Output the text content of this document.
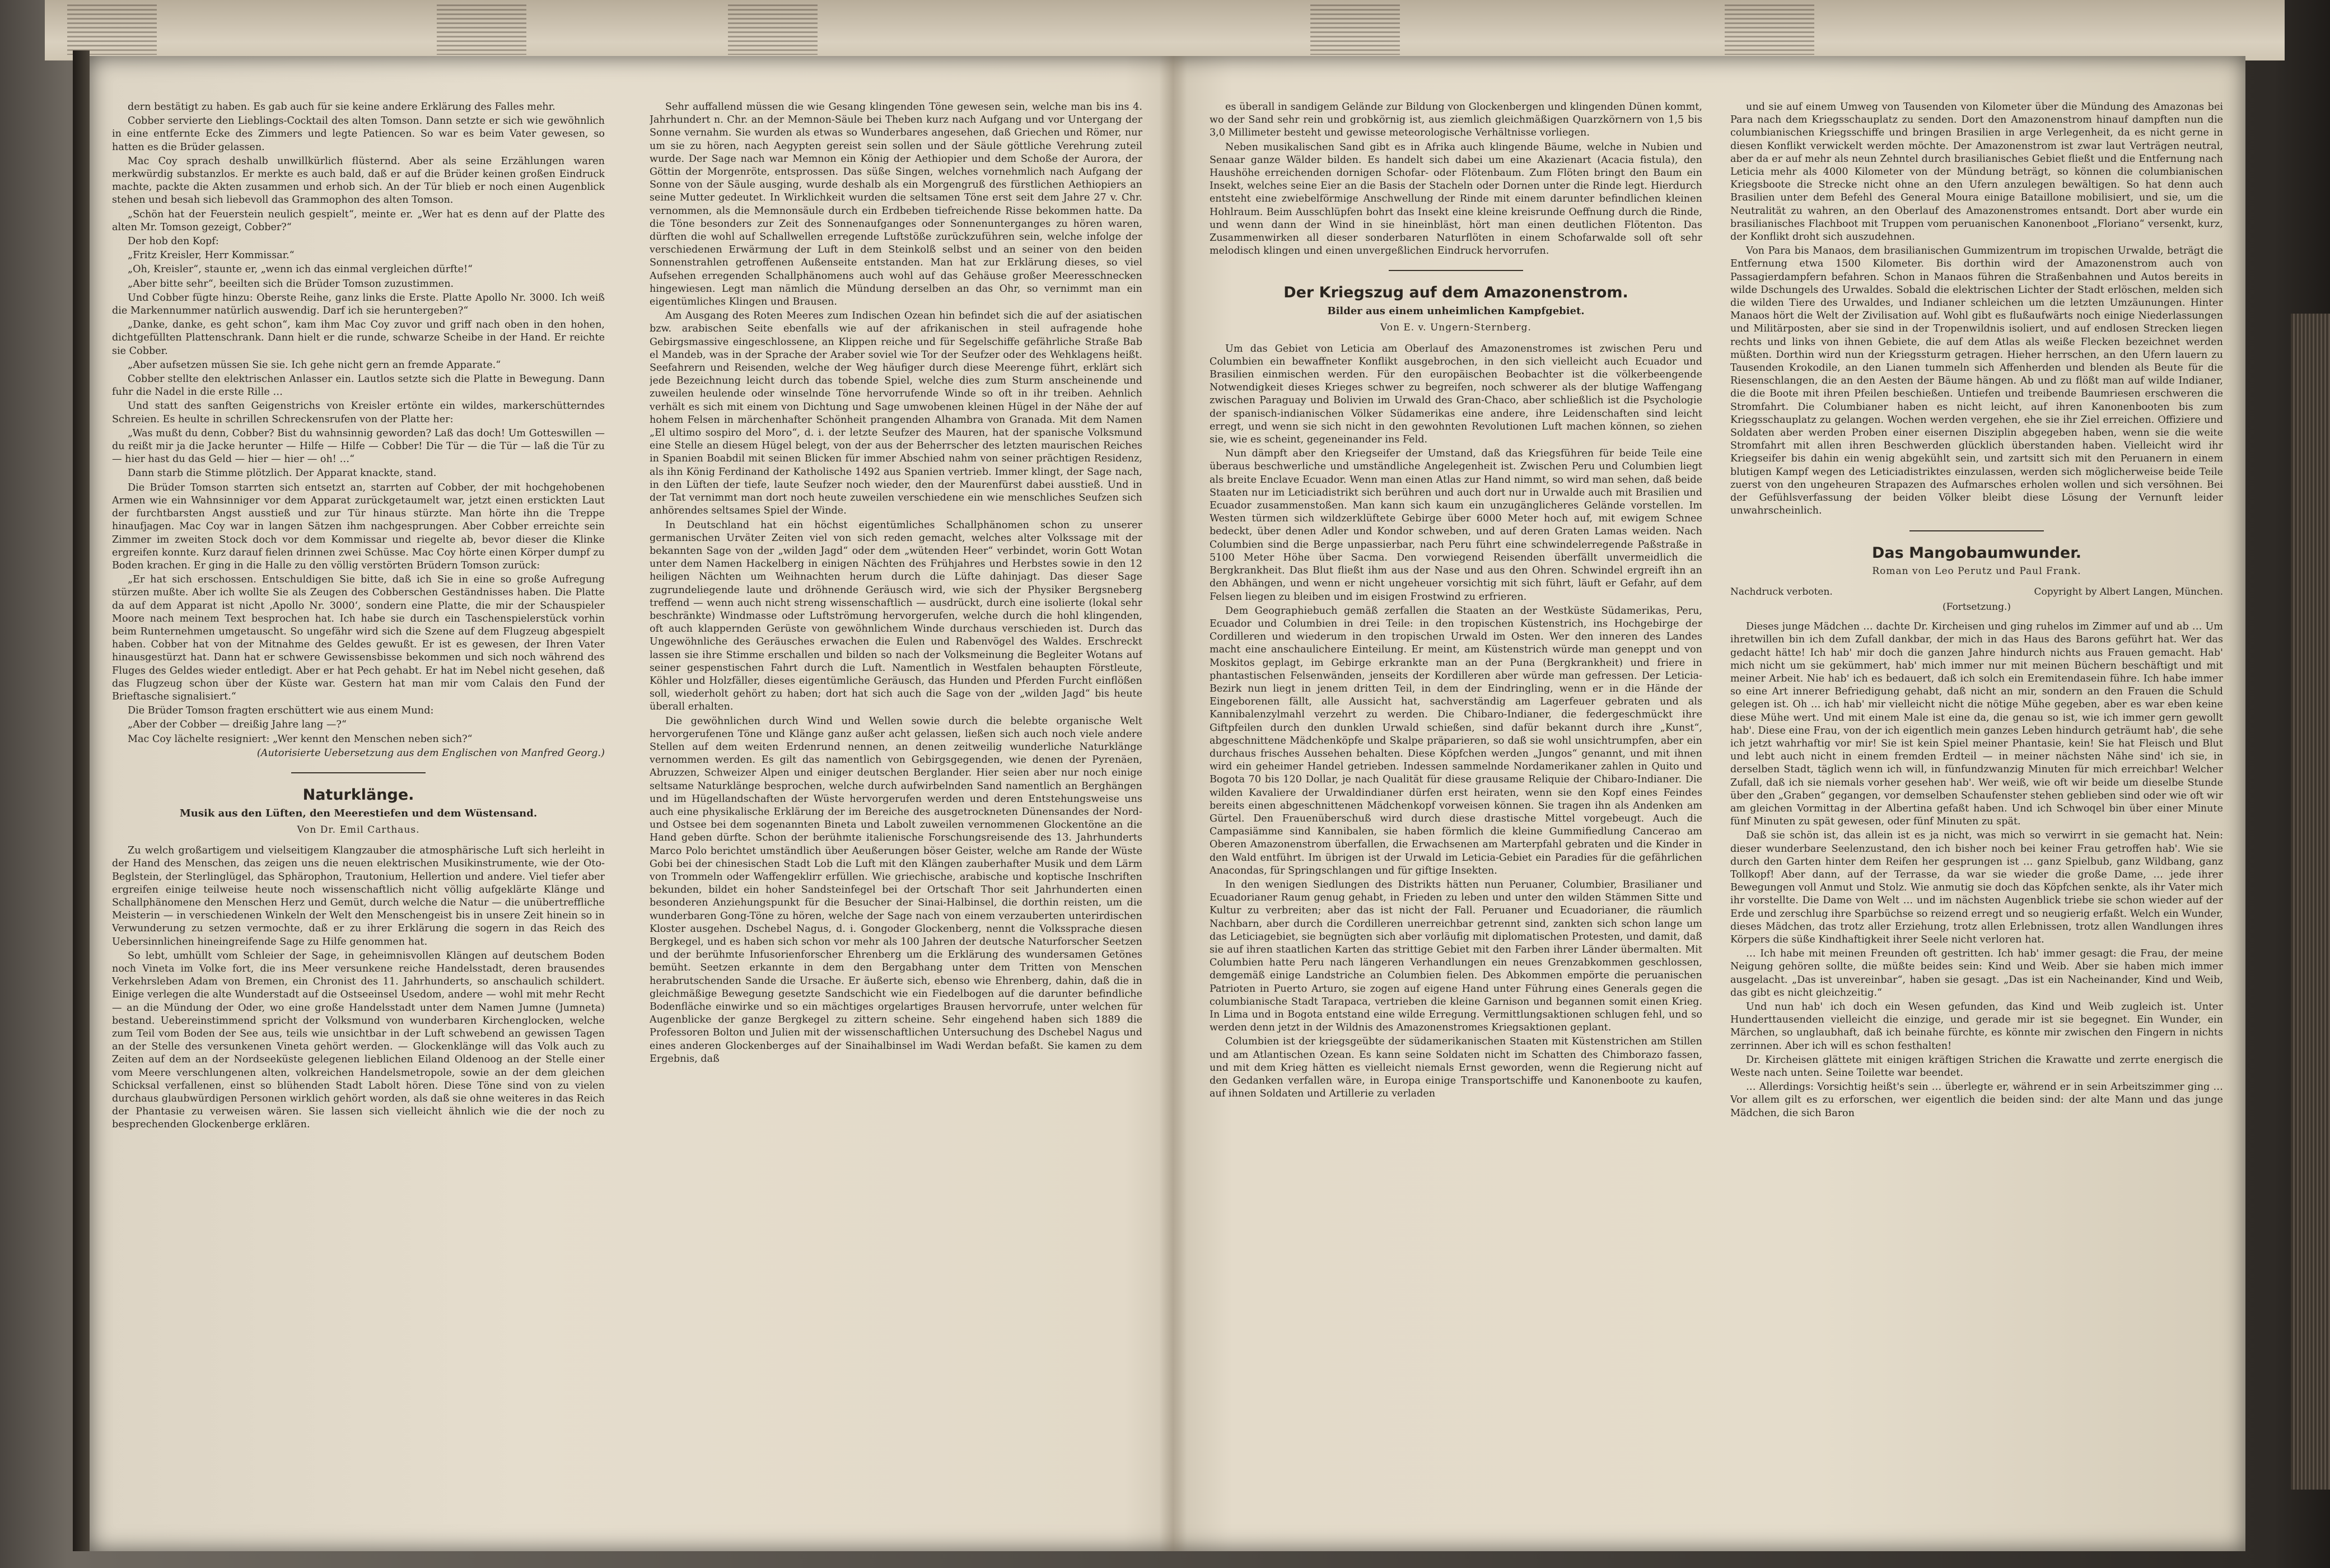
dern bestätigt zu haben. Es gab auch für sie keine andere Erklärung des Falles mehr.

Cobber servierte den Lieblings-Cocktail des alten Tomson. Dann setzte er sich wie gewöhnlich in eine entfernte Ecke des Zimmers und legte Patiencen. So war es beim Vater gewesen, so hatten es die Brüder gelassen.

Mac Coy sprach deshalb unwillkürlich flüsternd. Aber als seine Erzählungen waren merkwürdig substanzlos. Er merkte es auch bald, daß er auf die Brüder keinen großen Eindruck machte, packte die Akten zusammen und erhob sich. An der Tür blieb er noch einen Augenblick stehen und besah sich liebevoll das Grammophon des alten Tomson.

„Schön hat der Feuerstein neulich gespielt“, meinte er. „Wer hat es denn auf der Platte des alten Mr. Tomson gezeigt, Cobber?“

Der hob den Kopf:

„Fritz Kreisler, Herr Kommissar.“

„Oh, Kreisler“, staunte er, „wenn ich das einmal vergleichen dürfte!“

„Aber bitte sehr“, beeilten sich die Brüder Tomson zuzustimmen.

Und Cobber fügte hinzu: Oberste Reihe, ganz links die Erste. Platte Apollo Nr. 3000. Ich weiß die Markennummer natürlich auswendig. Darf ich sie heruntergeben?“

„Danke, danke, es geht schon“, kam ihm Mac Coy zuvor und griff nach oben in den hohen, dichtgefüllten Plattenschrank. Dann hielt er die runde, schwarze Scheibe in der Hand. Er reichte sie Cobber.

„Aber aufsetzen müssen Sie sie. Ich gehe nicht gern an fremde Apparate.“

Cobber stellte den elektrischen Anlasser ein. Lautlos setzte sich die Platte in Bewegung. Dann fuhr die Nadel in die erste Rille …

Und statt des sanften Geigenstrichs von Kreisler ertönte ein wildes, markerschütterndes Schreien. Es heulte in schrillen Schreckensrufen von der Platte her:

„Was mußt du denn, Cobber? Bist du wahnsinnig geworden? Laß das doch! Um Gotteswillen — du reißt mir ja die Jacke herunter — Hilfe — Hilfe — Cobber! Die Tür — die Tür — laß die Tür zu — hier hast du das Geld — hier — hier — oh! …“

Dann starb die Stimme plötzlich. Der Apparat knackte, stand.

Die Brüder Tomson starrten sich entsetzt an, starrten auf Cobber, der mit hochgehobenen Armen wie ein Wahnsinniger vor dem Apparat zurückgetaumelt war, jetzt einen erstickten Laut der furchtbarsten Angst ausstieß und zur Tür hinaus stürzte. Man hörte ihn die Treppe hinaufjagen. Mac Coy war in langen Sätzen ihm nachgesprungen. Aber Cobber erreichte sein Zimmer im zweiten Stock doch vor dem Kommissar und riegelte ab, bevor dieser die Klinke ergreifen konnte. Kurz darauf fielen drinnen zwei Schüsse. Mac Coy hörte einen Körper dumpf zu Boden krachen. Er ging in die Halle zu den völlig verstörten Brüdern Tomson zurück:

„Er hat sich erschossen. Entschuldigen Sie bitte, daß ich Sie in eine so große Aufregung stürzen mußte. Aber ich wollte Sie als Zeugen des Cobberschen Geständnisses haben. Die Platte da auf dem Apparat ist nicht ‚Apollo Nr. 3000‘, sondern eine Platte, die mir der Schauspieler Moore nach meinem Text besprochen hat. Ich habe sie durch ein Taschenspielerstück vorhin beim Runternehmen umgetauscht. So ungefähr wird sich die Szene auf dem Flugzeug abgespielt haben. Cobber hat von der Mitnahme des Geldes gewußt. Er ist es gewesen, der Ihren Vater hinausgestürzt hat. Dann hat er schwere Gewissensbisse bekommen und sich noch während des Fluges des Geldes wieder entledigt. Aber er hat Pech gehabt. Er hat im Nebel nicht gesehen, daß das Flugzeug schon über der Küste war. Gestern hat man mir vom Calais den Fund der Brieftasche signalisiert.“

Die Brüder Tomson fragten erschüttert wie aus einem Mund:

„Aber der Cobber — dreißig Jahre lang —?“

Mac Coy lächelte resigniert: „Wer kennt den Menschen neben sich?“

(Autorisierte Uebersetzung aus dem Englischen von Manfred Georg.)
Naturklänge.
Musik aus den Lüften, den Meerestiefen und dem Wüstensand.
Von Dr. Emil Carthaus.

Zu welch großartigem und vielseitigem Klangzauber die atmosphärische Luft sich herleiht in der Hand des Menschen, das zeigen uns die neuen elektrischen Musikinstrumente, wie der Oto-Beglstein, der Sterlinglügel, das Sphärophon, Trautonium, Hellertion und andere. Viel tiefer aber ergreifen einige teilweise heute noch wissenschaftlich nicht völlig aufgeklärte Klänge und Schallphänomene den Menschen Herz und Gemüt, durch welche die Natur — die unübertreffliche Meisterin — in verschiedenen Winkeln der Welt den Menschengeist bis in unsere Zeit hinein so in Verwunderung zu setzen vermochte, daß er zu ihrer Erklärung die sogern in das Reich des Uebersinnlichen hineingreifende Sage zu Hilfe genommen hat.

So lebt, umhüllt vom Schleier der Sage, in geheimnisvollen Klängen auf deutschem Boden noch Vineta im Volke fort, die ins Meer versunkene reiche Handelsstadt, deren brausendes Verkehrsleben Adam von Bremen, ein Chronist des 11. Jahrhunderts, so anschaulich schildert. Einige verlegen die alte Wunderstadt auf die Ostseeinsel Usedom, andere — wohl mit mehr Recht — an die Mündung der Oder, wo eine große Handelsstadt unter dem Namen Jumne (Jumneta) bestand. Uebereinstimmend spricht der Volksmund von wunderbaren Kirchenglocken, welche zum Teil vom Boden der See aus, teils wie unsichtbar in der Luft schwebend an gewissen Tagen an der Stelle des versunkenen Vineta gehört werden. — Glockenklänge will das Volk auch zu Zeiten auf dem an der Nordseeküste gelegenen lieblichen Eiland Oldenoog an der Stelle einer vom Meere verschlungenen alten, volkreichen Handelsmetropole, sowie an der dem gleichen Schicksal verfallenen, einst so blühenden Stadt Labolt hören. Diese Töne sind von zu vielen durchaus glaubwürdigen Personen wirklich gehört worden, als daß sie ohne weiteres in das Reich der Phantasie zu verweisen wären. Sie lassen sich vielleicht ähnlich wie die der noch zu besprechenden Glockenberge erklären.

Sehr auffallend müssen die wie Gesang klingenden Töne gewesen sein, welche man bis ins 4. Jahrhundert n. Chr. an der Memnon-Säule bei Theben kurz nach Aufgang und vor Untergang der Sonne vernahm. Sie wurden als etwas so Wunderbares angesehen, daß Griechen und Römer, nur um sie zu hören, nach Aegypten gereist sein sollen und der Säule göttliche Verehrung zuteil wurde. Der Sage nach war Memnon ein König der Aethiopier und dem Schoße der Aurora, der Göttin der Morgenröte, entsprossen. Das süße Singen, welches vornehmlich nach Aufgang der Sonne von der Säule ausging, wurde deshalb als ein Morgengruß des fürstlichen Aethiopiers an seine Mutter gedeutet. In Wirklichkeit wurden die seltsamen Töne erst seit dem Jahre 27 v. Chr. vernommen, als die Memnonsäule durch ein Erdbeben tiefreichende Risse bekommen hatte. Da die Töne besonders zur Zeit des Sonnenaufganges oder Sonnenunterganges zu hören waren, dürften die wohl auf Schallwellen erregende Luftstöße zurückzuführen sein, welche infolge der verschiedenen Erwärmung der Luft in dem Steinkolß selbst und an seiner von den beiden Sonnenstrahlen getroffenen Außenseite entstanden. Man hat zur Erklärung dieses, so viel Aufsehen erregenden Schallphänomens auch wohl auf das Gehäuse großer Meeresschnecken hingewiesen. Legt man nämlich die Mündung derselben an das Ohr, so vernimmt man ein eigentümliches Klingen und Brausen.

Am Ausgang des Roten Meeres zum Indischen Ozean hin befindet sich die auf der asiatischen bzw. arabischen Seite ebenfalls wie auf der afrikanischen in steil aufragende hohe Gebirgsmassive eingeschlossene, an Klippen reiche und für Segelschiffe gefährliche Straße Bab el Mandeb, was in der Sprache der Araber soviel wie Tor der Seufzer oder des Wehklagens heißt. Seefahrern und Reisenden, welche der Weg häufiger durch diese Meerenge führt, erklärt sich jede Bezeichnung leicht durch das tobende Spiel, welche dies zum Sturm anscheinende und zuweilen heulende oder winselnde Töne hervorrufende Winde so oft in ihr treiben. Aehnlich verhält es sich mit einem von Dichtung und Sage umwobenen kleinen Hügel in der Nähe der auf hohem Felsen in märchenhafter Schönheit prangenden Alhambra von Granada. Mit dem Namen „El ultimo sospiro del Moro“, d. i. der letzte Seufzer des Mauren, hat der spanische Volksmund eine Stelle an diesem Hügel belegt, von der aus der Beherrscher des letzten maurischen Reiches in Spanien Boabdil mit seinen Blicken für immer Abschied nahm von seiner prächtigen Residenz, als ihn König Ferdinand der Katholische 1492 aus Spanien vertrieb. Immer klingt, der Sage nach, in den Lüften der tiefe, laute Seufzer noch wieder, den der Maurenfürst dabei ausstieß. Und in der Tat vernimmt man dort noch heute zuweilen verschiedene ein wie menschliches Seufzen sich anhörendes seltsames Spiel der Winde.

In Deutschland hat ein höchst eigentümliches Schallphänomen schon zu unserer germanischen Urväter Zeiten viel von sich reden gemacht, welches alter Volkssage mit der bekannten Sage von der „wilden Jagd“ oder dem „wütenden Heer“ verbindet, worin Gott Wotan unter dem Namen Hackelberg in einigen Nächten des Frühjahres und Herbstes sowie in den 12 heiligen Nächten um Weihnachten herum durch die Lüfte dahinjagt. Das dieser Sage zugrundeliegende laute und dröhnende Geräusch wird, wie sich der Physiker Bergsneberg treffend — wenn auch nicht streng wissenschaftlich — ausdrückt, durch eine isolierte (lokal sehr beschränkte) Windmasse oder Luftströmung hervorgerufen, welche durch die hohl klingenden, oft auch klappernden Gerüste von gewöhnlichem Winde durchaus verschieden ist. Durch das Ungewöhnliche des Geräusches erwachen die Eulen und Rabenvögel des Waldes. Erschreckt lassen sie ihre Stimme erschallen und bilden so nach der Volksmeinung die Begleiter Wotans auf seiner gespenstischen Fahrt durch die Luft. Namentlich in Westfalen behaupten Förstleute, Köhler und Holzfäller, dieses eigentümliche Geräusch, das Hunden und Pferden Furcht einflößen soll, wiederholt gehört zu haben; dort hat sich auch die Sage von der „wilden Jagd“ bis heute überall erhalten.

Die gewöhnlichen durch Wind und Wellen sowie durch die belebte organische Welt hervorgerufenen Töne und Klänge ganz außer acht gelassen, ließen sich auch noch viele andere Stellen auf dem weiten Erdenrund nennen, an denen zeitweilig wunderliche Naturklänge vernommen werden. Es gilt das namentlich von Gebirgsgegenden, wie denen der Pyrenäen, Abruzzen, Schweizer Alpen und einiger deutschen Berglander. Hier seien aber nur noch einige seltsame Naturklänge besprochen, welche durch aufwirbelnden Sand namentlich an Berghängen und im Hügellandschaften der Wüste hervorgerufen werden und deren Entstehungsweise uns auch eine physikalische Erklärung der im Bereiche des ausgetrockneten Dünensandes der Nord- und Ostsee bei dem sogenannten Bineta und Labolt zuweilen vernommenen Glockentöne an die Hand geben dürfte. Schon der berühmte italienische Forschungsreisende des 13. Jahrhunderts Marco Polo berichtet umständlich über Aeußerungen böser Geister, welche am Rande der Wüste Gobi bei der chinesischen Stadt Lob die Luft mit den Klängen zauberhafter Musik und dem Lärm von Trommeln oder Waffengeklirr erfüllen. Wie griechische, arabische und koptische Inschriften bekunden, bildet ein hoher Sandsteinfegel bei der Ortschaft Thor seit Jahrhunderten einen besonderen Anziehungspunkt für die Besucher der Sinai-Halbinsel, die dorthin reisten, um die wunderbaren Gong-Töne zu hören, welche der Sage nach von einem verzauberten unterirdischen Kloster ausgehen. Dschebel Nagus, d. i. Gongoder Glockenberg, nennt die Volkssprache diesen Bergkegel, und es haben sich schon vor mehr als 100 Jahren der deutsche Naturforscher Seetzen und der berühmte Infusorienforscher Ehrenberg um die Erklärung des wundersamen Getönes bemüht. Seetzen erkannte in dem den Bergabhang unter dem Tritten von Menschen herabrutschenden Sande die Ursache. Er äußerte sich, ebenso wie Ehrenberg, dahin, daß die in gleichmäßige Bewegung gesetzte Sandschicht wie ein Fiedelbogen auf die darunter befindliche Bodenfläche einwirke und so ein mächtiges orgelartiges Brausen hervorrufe, unter welchen für Augenblicke der ganze Bergkegel zu zittern scheine. Sehr eingehend haben sich 1889 die Professoren Bolton und Julien mit der wissenschaftlichen Untersuchung des Dschebel Nagus und eines anderen Glockenberges auf der Sinaihalbinsel im Wadi Werdan befaßt. Sie kamen zu dem Ergebnis, daß

es überall in sandigem Gelände zur Bildung von Glockenbergen und klingenden Dünen kommt, wo der Sand sehr rein und grobkörnig ist, aus ziemlich gleichmäßigen Quarzkörnern von 1,5 bis 3,0 Millimeter besteht und gewisse meteorologische Verhältnisse vorliegen.

Neben musikalischen Sand gibt es in Afrika auch klingende Bäume, welche in Nubien und Senaar ganze Wälder bilden. Es handelt sich dabei um eine Akazienart (Acacia fistula), den Haushöhe erreichenden dornigen Schofar- oder Flötenbaum. Zum Flöten bringt den Baum ein Insekt, welches seine Eier an die Basis der Stacheln oder Dornen unter die Rinde legt. Hierdurch entsteht eine zwiebelförmige Anschwellung der Rinde mit einem darunter befindlichen kleinen Hohlraum. Beim Ausschlüpfen bohrt das Insekt eine kleine kreisrunde Oeffnung durch die Rinde, und wenn dann der Wind in sie hineinbläst, hört man einen deutlichen Flötenton. Das Zusammenwirken all dieser sonderbaren Naturflöten in einem Schofarwalde soll oft sehr melodisch klingen und einen unvergeßlichen Eindruck hervorrufen.

Der Kriegszug auf dem Amazonenstrom.
Bilder aus einem unheimlichen Kampfgebiet.
Von E. v. Ungern-Sternberg.

Um das Gebiet von Leticia am Oberlauf des Amazonenstromes ist zwischen Peru und Columbien ein bewaffneter Konflikt ausgebrochen, in den sich vielleicht auch Ecuador und Brasilien einmischen werden. Für den europäischen Beobachter ist die völkerbeengende Notwendigkeit dieses Krieges schwer zu begreifen, noch schwerer als der blutige Waffengang zwischen Paraguay und Bolivien im Urwald des Gran-Chaco, aber schließlich ist die Psychologie der spanisch-indianischen Völker Südamerikas eine andere, ihre Leidenschaften sind leicht erregt, und wenn sie sich nicht in den gewohnten Revolutionen Luft machen können, so ziehen sie, wie es scheint, gegeneinander ins Feld.

Nun dämpft aber den Kriegseifer der Umstand, daß das Kriegsführen für beide Teile eine überaus beschwerliche und umständliche Angelegenheit ist. Zwischen Peru und Columbien liegt als breite Enclave Ecuador. Wenn man einen Atlas zur Hand nimmt, so wird man sehen, daß beide Staaten nur im Leticiadistrikt sich berühren und auch dort nur in Urwalde auch mit Brasilien und Ecuador zusammenstoßen. Man kann sich kaum ein unzugänglicheres Gelände vorstellen. Im Westen türmen sich wildzerklüftete Gebirge über 6000 Meter hoch auf, mit ewigem Schnee bedeckt, über denen Adler und Kondor schweben, und auf deren Graten Lamas weiden. Nach Columbien sind die Berge unpassierbar, nach Peru führt eine schwindelerregende Paßstraße in 5100 Meter Höhe über Sacma. Den vorwiegend Reisenden überfällt unvermeidlich die Bergkrankheit. Das Blut fließt ihm aus der Nase und aus den Ohren. Schwindel ergreift ihn an den Abhängen, und wenn er nicht ungeheuer vorsichtig mit sich führt, läuft er Gefahr, auf dem Felsen liegen zu bleiben und im eisigen Frostwind zu erfrieren.

Dem Geographiebuch gemäß zerfallen die Staaten an der Westküste Südamerikas, Peru, Ecuador und Columbien in drei Teile: in den tropischen Küstenstrich, ins Hochgebirge der Cordilleren und wiederum in den tropischen Urwald im Osten. Wer den inneren des Landes macht eine anschaulichere Einteilung. Er meint, am Küstenstrich würde man geneppt und von Moskitos geplagt, im Gebirge erkrankte man an der Puna (Bergkrankheit) und friere in phantastischen Felsenwänden, jenseits der Kordilleren aber würde man gefressen. Der Leticia-Bezirk nun liegt in jenem dritten Teil, in dem der Eindringling, wenn er in die Hände der Eingeborenen fällt, alle Aussicht hat, sachverständig am Lagerfeuer gebraten und als Kannibalenzylmahl verzehrt zu werden. Die Chibaro-Indianer, die federgeschmückt ihre Giftpfeilen durch den dunklen Urwald schießen, sind dafür bekannt durch ihre „Kunst“, abgeschnittene Mädchenköpfe und Skalpe präparieren, so daß sie wohl unsichtrumpfen, aber ein durchaus frisches Aussehen behalten. Diese Köpfchen werden „Jungos“ genannt, und mit ihnen wird ein geheimer Handel getrieben. Indessen sammelnde Nordamerikaner zahlen in Quito und Bogota 70 bis 120 Dollar, je nach Qualität für diese grausame Reliquie der Chibaro-Indianer. Die wilden Kavaliere der Urwaldindianer dürfen erst heiraten, wenn sie den Kopf eines Feindes bereits einen abgeschnittenen Mädchenkopf vorweisen können. Sie tragen ihn als Andenken am Gürtel. Den Frauenüberschuß wird durch diese drastische Mittel vorgebeugt. Auch die Campasiämme sind Kannibalen, sie haben förmlich die kleine Gummifiedlung Cancerao am Oberen Amazonenstrom überfallen, die Erwachsenen am Marterpfahl gebraten und die Kinder in den Wald entführt. Im übrigen ist der Urwald im Leticia-Gebiet ein Paradies für die gefährlichen Anacondas, für Springschlangen und für giftige Insekten.

In den wenigen Siedlungen des Distrikts hätten nun Peruaner, Columbier, Brasilianer und Ecuadorianer Raum genug gehabt, in Frieden zu leben und unter den wilden Stämmen Sitte und Kultur zu verbreiten; aber das ist nicht der Fall. Peruaner und Ecuadorianer, die räumlich Nachbarn, aber durch die Cordilleren unerreichbar getrennt sind, zankten sich schon lange um das Leticiagebiet, sie begnügten sich aber vorläufig mit diplomatischen Protesten, und damit, daß sie auf ihren staatlichen Karten das strittige Gebiet mit den Farben ihrer Länder übermalten. Mit Columbien hatte Peru nach längeren Verhandlungen ein neues Grenzabkommen geschlossen, demgemäß einige Landstriche an Columbien fielen. Des Abkommen empörte die peruanischen Patrioten in Puerto Arturo, sie zogen auf eigene Hand unter Führung eines Generals gegen die columbianische Stadt Tarapaca, vertrieben die kleine Garnison und begannen somit einen Krieg. In Lima und in Bogota entstand eine wilde Erregung. Vermittlungsaktionen schlugen fehl, und so werden denn jetzt in der Wildnis des Amazonenstromes Kriegsaktionen geplant.

Columbien ist der kriegsgeübte der südamerikanischen Staaten mit Küstenstrichen am Stillen und am Atlantischen Ozean. Es kann seine Soldaten nicht im Schatten des Chimborazo fassen, und mit dem Krieg hätten es vielleicht niemals Ernst geworden, wenn die Regierung nicht auf den Gedanken verfallen wäre, in Europa einige Transportschiffe und Kanonenboote zu kaufen, auf ihnen Soldaten und Artillerie zu verladen

und sie auf einem Umweg von Tausenden von Kilometer über die Mündung des Amazonas bei Para nach dem Kriegsschauplatz zu senden. Dort den Amazonenstrom hinauf dampften nun die columbianischen Kriegsschiffe und bringen Brasilien in arge Verlegenheit, da es nicht gerne in diesen Konflikt verwickelt werden möchte. Der Amazonenstrom ist zwar laut Verträgen neutral, aber da er auf mehr als neun Zehntel durch brasilianisches Gebiet fließt und die Entfernung nach Leticia mehr als 4000 Kilometer von der Mündung beträgt, so können die columbianischen Kriegsboote die Strecke nicht ohne an den Ufern anzulegen bewältigen. So hat denn auch Brasilien unter dem Befehl des General Moura einige Bataillone mobilisiert, und sie, um die Neutralität zu wahren, an den Oberlauf des Amazonenstromes entsandt. Dort aber wurde ein brasilianisches Flachboot mit Truppen vom peruanischen Kanonenboot „Floriano“ versenkt, kurz, der Konflikt droht sich auszudehnen.

Von Para bis Manaos, dem brasilianischen Gummizentrum im tropischen Urwalde, beträgt die Entfernung etwa 1500 Kilometer. Bis dorthin wird der Amazonenstrom auch von Passagierdampfern befahren. Schon in Manaos führen die Straßenbahnen und Autos bereits in wilde Dschungels des Urwaldes. Sobald die elektrischen Lichter der Stadt erlöschen, melden sich die wilden Tiere des Urwaldes, und Indianer schleichen um die letzten Umzäunungen. Hinter Manaos hört die Welt der Zivilisation auf. Wohl gibt es flußaufwärts noch einige Niederlassungen und Militärposten, aber sie sind in der Tropenwildnis isoliert, und auf endlosen Strecken liegen rechts und links von ihnen Gebiete, die auf dem Atlas als weiße Flecken bezeichnet werden müßten. Dorthin wird nun der Kriegssturm getragen. Hieher herrschen, an den Ufern lauern zu Tausenden Krokodile, an den Lianen tummeln sich Affenherden und blenden als Beute für die Riesenschlangen, die an den Aesten der Bäume hängen. Ab und zu flößt man auf wilde Indianer, die die Boote mit ihren Pfeilen beschießen. Untiefen und treibende Baumriesen erschweren die Stromfahrt. Die Columbianer haben es nicht leicht, auf ihren Kanonenbooten bis zum Kriegsschauplatz zu gelangen. Wochen werden vergehen, ehe sie ihr Ziel erreichen. Offiziere und Soldaten aber werden Proben einer eisernen Disziplin abgegeben haben, wenn sie die weite Stromfahrt mit allen ihren Beschwerden glücklich überstanden haben. Vielleicht wird ihr Kriegseifer bis dahin ein wenig abgekühlt sein, und zartsitt sich mit den Peruanern in einem blutigen Kampf wegen des Leticiadistriktes einzulassen, werden sich möglicherweise beide Teile zuerst von den ungeheuren Strapazen des Aufmarsches erholen wollen und sich versöhnen. Bei der Gefühlsverfassung der beiden Völker bleibt diese Lösung der Vernunft leider unwahrscheinlich.

Das Mangobaumwunder.
Roman von Leo Perutz und Paul Frank.
Nachdruck verboten.	Copyright by Albert Langen, München.
(Fortsetzung.)

Dieses junge Mädchen … dachte Dr. Kircheisen und ging ruhelos im Zimmer auf und ab … Um ihretwillen bin ich dem Zufall dankbar, der mich in das Haus des Barons geführt hat. Wer das gedacht hätte! Ich hab' mir doch die ganzen Jahre hindurch nichts aus Frauen gemacht. Hab' mich nicht um sie gekümmert, hab' mich immer nur mit meinen Büchern beschäftigt und mit meiner Arbeit. Nie hab' ich es bedauert, daß ich solch ein Eremitendasein führe. Ich habe immer so eine Art innerer Befriedigung gehabt, daß nicht an mir, sondern an den Frauen die Schuld gelegen ist. Oh … ich hab' mir vielleicht nicht die nötige Mühe gegeben, aber es war eben keine diese Mühe wert. Und mit einem Male ist eine da, die genau so ist, wie ich immer gern gewollt hab'. Diese eine Frau, von der ich eigentlich mein ganzes Leben hindurch geträumt hab', die sehe ich jetzt wahrhaftig vor mir! Sie ist kein Spiel meiner Phantasie, kein! Sie hat Fleisch und Blut und lebt auch nicht in einem fremden Erdteil — in meiner nächsten Nähe sind' ich sie, in derselben Stadt, täglich wenn ich will, in fünfundzwanzig Minuten für mich erreichbar! Welcher Zufall, daß ich sie niemals vorher gesehen hab'. Wer weiß, wie oft wir beide um dieselbe Stunde über den „Graben“ gegangen, vor demselben Schaufenster stehen geblieben sind oder wie oft wir am gleichen Vormittag in der Albertina gefaßt haben. Und ich Schwoqel bin über einer Minute fünf Minuten zu spät gewesen, oder fünf Minuten zu spät.

Daß sie schön ist, das allein ist es ja nicht, was mich so verwirrt in sie gemacht hat. Nein: dieser wunderbare Seelenzustand, den ich bisher noch bei keiner Frau getroffen hab'. Wie sie durch den Garten hinter dem Reifen her gesprungen ist … ganz Spielbub, ganz Wildbang, ganz Tollkopf! Aber dann, auf der Terrasse, da war sie wieder die große Dame, … jede ihrer Bewegungen voll Anmut und Stolz. Wie anmutig sie doch das Köpfchen senkte, als ihr Vater mich ihr vorstellte. Die Dame von Welt … und im nächsten Augenblick triebe sie schon wieder auf der Erde und zerschlug ihre Sparbüchse so reizend erregt und so neugierig erfaßt. Welch ein Wunder, dieses Mädchen, das trotz aller Erziehung, trotz allen Erlebnissen, trotz allen Wandlungen ihres Körpers die süße Kindhaftigkeit ihrer Seele nicht verloren hat.

… Ich habe mit meinen Freunden oft gestritten. Ich hab' immer gesagt: die Frau, der meine Neigung gehören sollte, die müßte beides sein: Kind und Weib. Aber sie haben mich immer ausgelacht. „Das ist unvereinbar“, haben sie gesagt. „Das ist ein Nacheinander, Kind und Weib, das gibt es nicht gleichzeitig.“

Und nun hab' ich doch ein Wesen gefunden, das Kind und Weib zugleich ist. Unter Hunderttausenden vielleicht die einzige, und gerade mir ist sie begegnet. Ein Wunder, ein Märchen, so unglaubhaft, daß ich beinahe fürchte, es könnte mir zwischen den Fingern in nichts zerrinnen. Aber ich will es schon festhalten!

Dr. Kircheisen glättete mit einigen kräftigen Strichen die Krawatte und zerrte energisch die Weste nach unten. Seine Toilette war beendet.

… Allerdings: Vorsichtig heißt's sein … überlegte er, während er in sein Arbeitszimmer ging … Vor allem gilt es zu erforschen, wer eigentlich die beiden sind: der alte Mann und das junge Mädchen, die sich Baron
